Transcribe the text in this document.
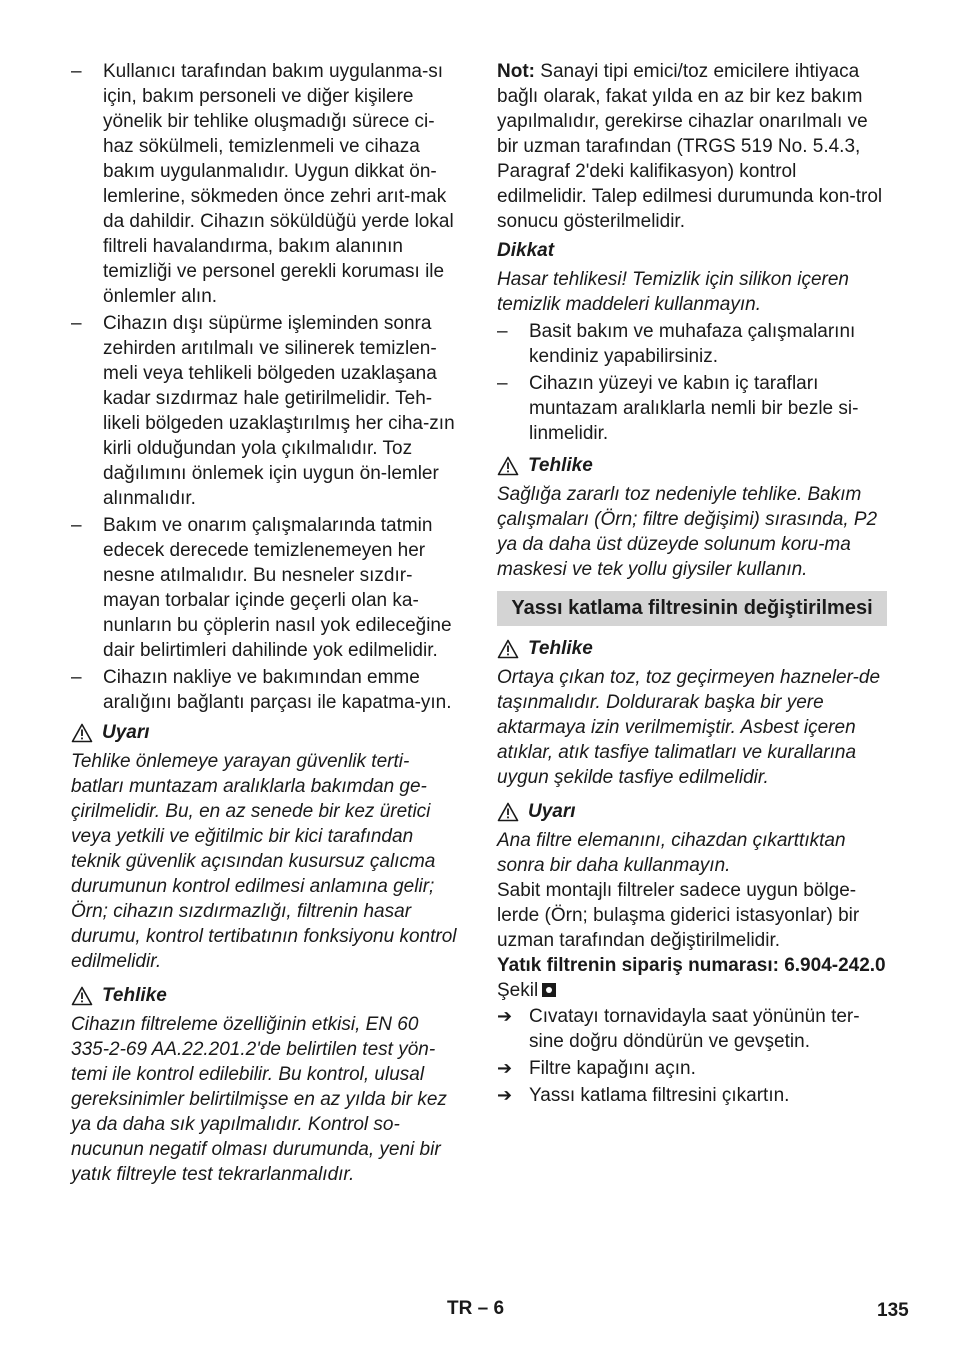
–	Kullanıcı tarafından bakım uygulanma-sı için, bakım personeli ve diğer kişilere yönelik bir tehlike oluşmadığı sürece ci-haz sökülmeli, temizlenmeli ve cihaza bakım uygulanmalıdır. Uygun dikkat ön-lemlerine, sökmeden önce zehri arıt-mak da dahildir. Cihazın söküldüğü yerde lokal filtreli havalandırma, bakım alanının temizliği ve personel gerekli koruması ile önlemler alın.
–	Cihazın dışı süpürme işleminden sonra zehirden arıtılmalı ve silinerek temizlen-meli veya tehlikeli bölgeden uzaklaşana kadar sızdırmaz hale getirilmelidir. Teh-likeli bölgeden uzaklaştırılmış her ciha-zın kirli olduğundan yola çıkılmalıdır. Toz dağılımını önlemek için uygun ön-lemler alınmalıdır.
–	Bakım ve onarım çalışmalarında tatmin edecek derecede temizlenemeyen her nesne atılmalıdır. Bu nesneler sızdır-mayan torbalar içinde geçerli olan ka-nunların bu çöplerin nasıl yok edileceğine dair belirtimleri dahilinde yok edilmelidir.
–	Cihazın nakliye ve bakımından emme aralığını bağlantı parçası ile kapatma-yın.
Uyarı

Tehlike önlemeye yarayan güvenlik terti-batları muntazam aralıklarla bakımdan ge-çirilmelidir. Bu, en az senede bir kez üretici veya yetkili ve eğitilmic bir kici tarafından teknik güvenlik açısından kusursuz çalıcma durumunun kontrol edilmesi anlamına gelir; Örn; cihazın sızdırmazlığı, filtrenin hasar durumu, kontrol tertibatının fonksiyonu kontrol edilmelidir.

Tehlike

Cihazın filtreleme özelliğinin etkisi, EN 60 335-2-69 AA.22.201.2'de belirtilen test yön-temi ile kontrol edilebilir. Bu kontrol, ulusal gereksinimler belirtilmişse en az yılda bir kez ya da daha sık yapılmalıdır. Kontrol so-nucunun negatif olması durumunda, yeni bir yatık filtreyle test tekrarlanmalıdır.

Not: Sanayi tipi emici/toz emicilere ihtiyaca bağlı olarak, fakat yılda en az bir kez bakım yapılmalıdır, gerekirse cihazlar onarılmalı ve bir uzman tarafından (TRGS 519 No. 5.4.3, Paragraf 2'deki kalifikasyon) kontrol edilmelidir. Talep edilmesi durumunda kon-trol sonucu gösterilmelidir.

Dikkat

Hasar tehlikesi! Temizlik için silikon içeren temizlik maddeleri kullanmayın.

–	Basit bakım ve muhafaza çalışmalarını kendiniz yapabilirsiniz.
–	Cihazın yüzeyi ve kabın iç tarafları muntazam aralıklarla nemli bir bezle si-linmelidir.
Tehlike

Sağlığa zararlı toz nedeniyle tehlike. Bakım çalışmaları (Örn; filtre değişimi) sırasında, P2 ya da daha üst düzeyde solunum koru-ma maskesi ve tek yollu giysiler kullanın.

Yassı katlama filtresinin değiştirilmesi
Tehlike

Ortaya çıkan toz, toz geçirmeyen hazneler-de taşınmalıdır. Doldurarak başka bir yere aktarmaya izin verilmemiştir. Asbest içeren atıklar, atık tasfiye talimatları ve kurallarına uygun şekilde tasfiye edilmelidir.

Uyarı

Ana filtre elemanını, cihazdan çıkarttıktan sonra bir daha kullanmayın.

Sabit montajlı filtreler sadece uygun bölge-lerde (Örn; bulaşma giderici istasyonlar) bir uzman tarafından değiştirilmelidir.

Yatık filtrenin sipariş numarası: 6.904-242.0

Şekil

➔ Cıvatayı tornavidayla saat yönünün ter-sine doğru döndürün ve gevşetin.
➔ Filtre kapağını açın.
➔ Yassı katlama filtresini çıkartın.
TR – 6	135
